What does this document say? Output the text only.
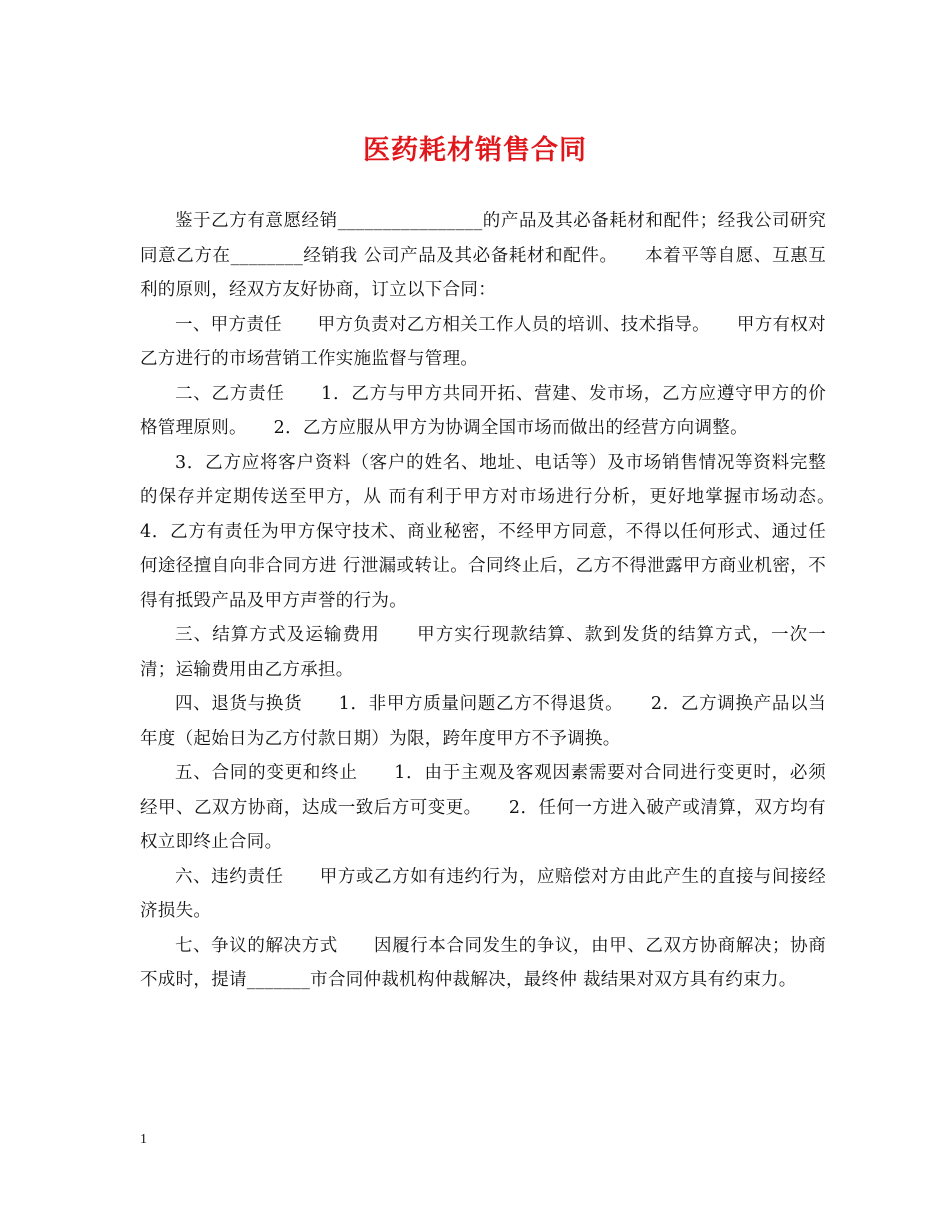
医药耗材销售合同

鉴于乙方有意愿经销________________的产品及其必备耗材和配件；经我公司研究同意乙方在________经销我 公司产品及其必备耗材和配件。　　本着平等自愿、互惠互利的原则，经双方友好协商，订立以下合同：

一、甲方责任　　甲方负责对乙方相关工作人员的培训、技术指导。　　甲方有权对乙方进行的市场营销工作实施监督与管理。

二、乙方责任　　1．乙方与甲方共同开拓、营建、发市场，乙方应遵守甲方的价格管理原则。　　2．乙方应服从甲方为协调全国市场而做出的经营方向调整。

3．乙方应将客户资料（客户的姓名、地址、电话等）及市场销售情况等资料完整的保存并定期传送至甲方，从 而有利于甲方对市场进行分析，更好地掌握市场动态。　　4．乙方有责任为甲方保守技术、商业秘密，不经甲方同意，不得以任何形式、通过任何途径擅自向非合同方进 行泄漏或转让。合同终止后，乙方不得泄露甲方商业机密，不得有抵毁产品及甲方声誉的行为。

三、结算方式及运输费用　　甲方实行现款结算、款到发货的结算方式，一次一清；运输费用由乙方承担。

四、退货与换货　　1．非甲方质量问题乙方不得退货。　　2．乙方调换产品以当年度（起始日为乙方付款日期）为限，跨年度甲方不予调换。

五、合同的变更和终止　　1．由于主观及客观因素需要对合同进行变更时，必须经甲、乙双方协商，达成一致后方可变更。　　2．任何一方进入破产或清算，双方均有权立即终止合同。

六、违约责任　　甲方或乙方如有违约行为，应赔偿对方由此产生的直接与间接经济损失。

七、争议的解决方式　　因履行本合同发生的争议，由甲、乙双方协商解决；协商不成时，提请_______市合同仲裁机构仲裁解决，最终仲 裁结果对双方具有约束力。

1
